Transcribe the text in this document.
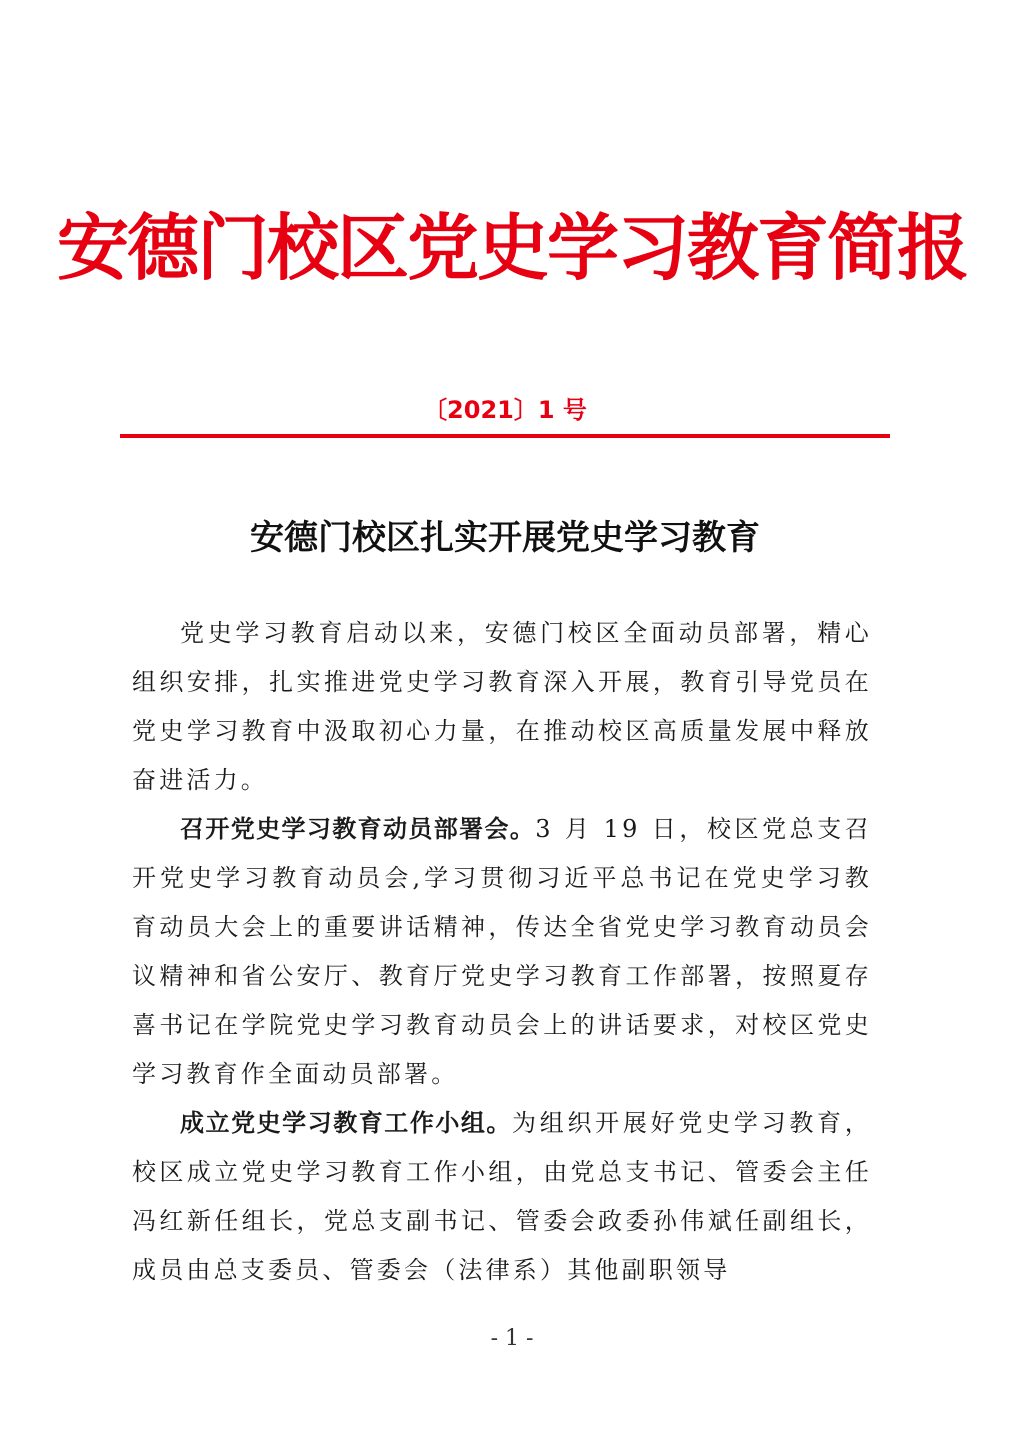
安德门校区党史学习教育简报
〔2021〕1 号
安德门校区扎实开展党史学习教育

党史学习教育启动以来，安德门校区全面动员部署，精心组织安排，扎实推进党史学习教育深入开展，教育引导党员在党史学习教育中汲取初心力量，在推动校区高质量发展中释放奋进活力。

召开党史学习教育动员部署会。3 月 19 日，校区党总支召开党史学习教育动员会,学习贯彻习近平总书记在党史学习教育动员大会上的重要讲话精神，传达全省党史学习教育动员会议精神和省公安厅、教育厅党史学习教育工作部署，按照夏存喜书记在学院党史学习教育动员会上的讲话要求，对校区党史学习教育作全面动员部署。

成立党史学习教育工作小组。为组织开展好党史学习教育，校区成立党史学习教育工作小组，由党总支书记、管委会主任冯红新任组长，党总支副书记、管委会政委孙伟斌任副组长，成员由总支委员、管委会（法律系）其他副职领导

- 1 -
